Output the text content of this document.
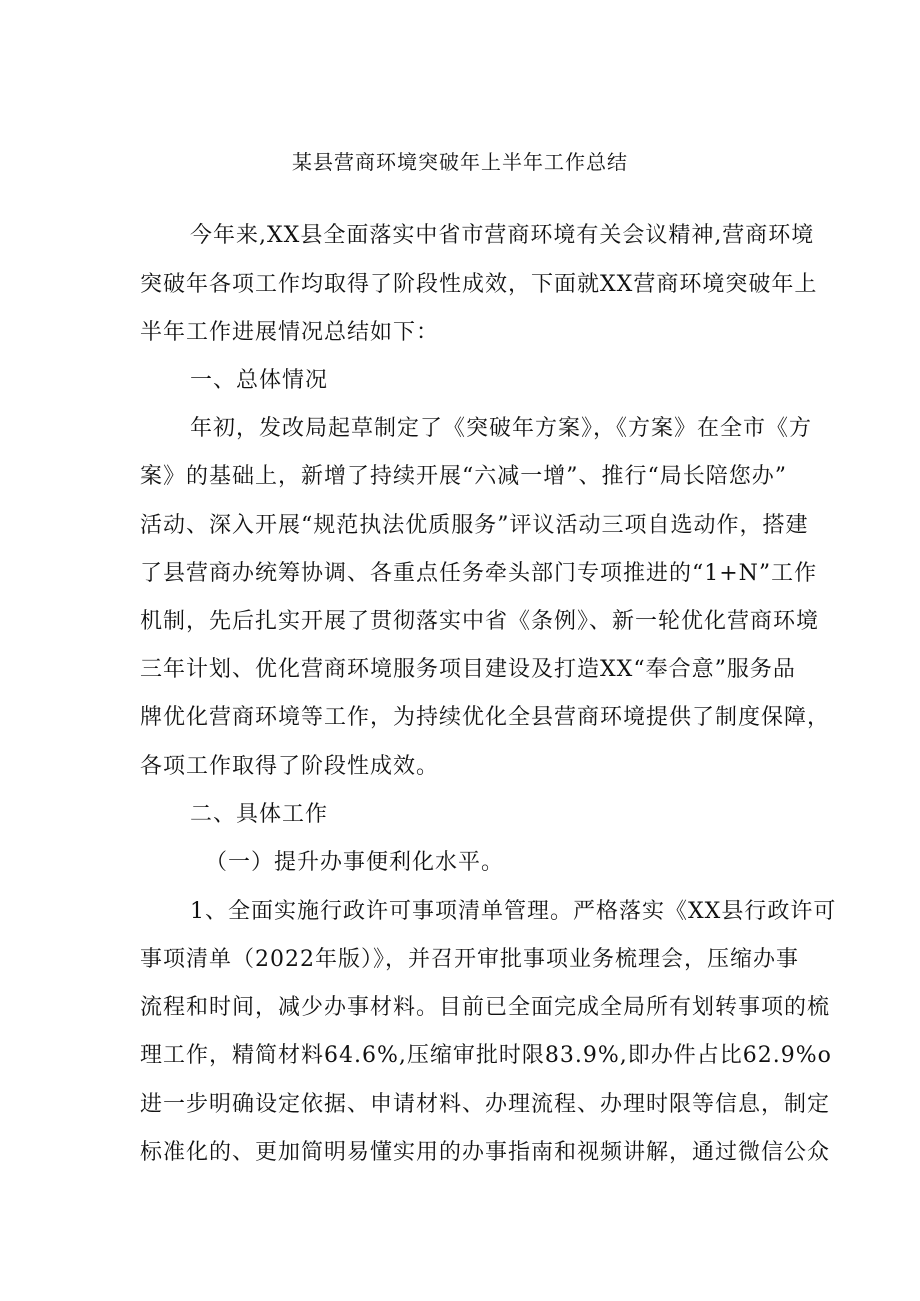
某县营商环境突破年上半年工作总结
今年来,XX县全面落实中省市营商环境有关会议精神,营商环境
突破年各项工作均取得了阶段性成效，下面就XX营商环境突破年上
半年工作进展情况总结如下：
一、总体情况
年初，发改局起草制定了《突破年方案》，《方案》在全市《方
案》的基础上，新增了持续开展“六减一增”、推行“局长陪您办”
活动、深入开展“规范执法优质服务”评议活动三项自选动作，搭建
了县营商办统筹协调、各重点任务牵头部门专项推进的“1+N”工作
机制，先后扎实开展了贯彻落实中省《条例》、新一轮优化营商环境
三年计划、优化营商环境服务项目建设及打造XX“奉合意”服务品
牌优化营商环境等工作，为持续优化全县营商环境提供了制度保障，
各项工作取得了阶段性成效。
二、具体工作
（一）提升办事便利化水平。
1、全面实施行政许可事项清单管理。严格落实《XX县行政许可
事项清单（2022年版）》，并召开审批事项业务梳理会，压缩办事
流程和时间，减少办事材料。目前已全面完成全局所有划转事项的梳
理工作，精简材料64.6%,压缩审批时限83.9%,即办件占比62.9%o
进一步明确设定依据、申请材料、办理流程、办理时限等信息，制定
标准化的、更加简明易懂实用的办事指南和视频讲解，通过微信公众
